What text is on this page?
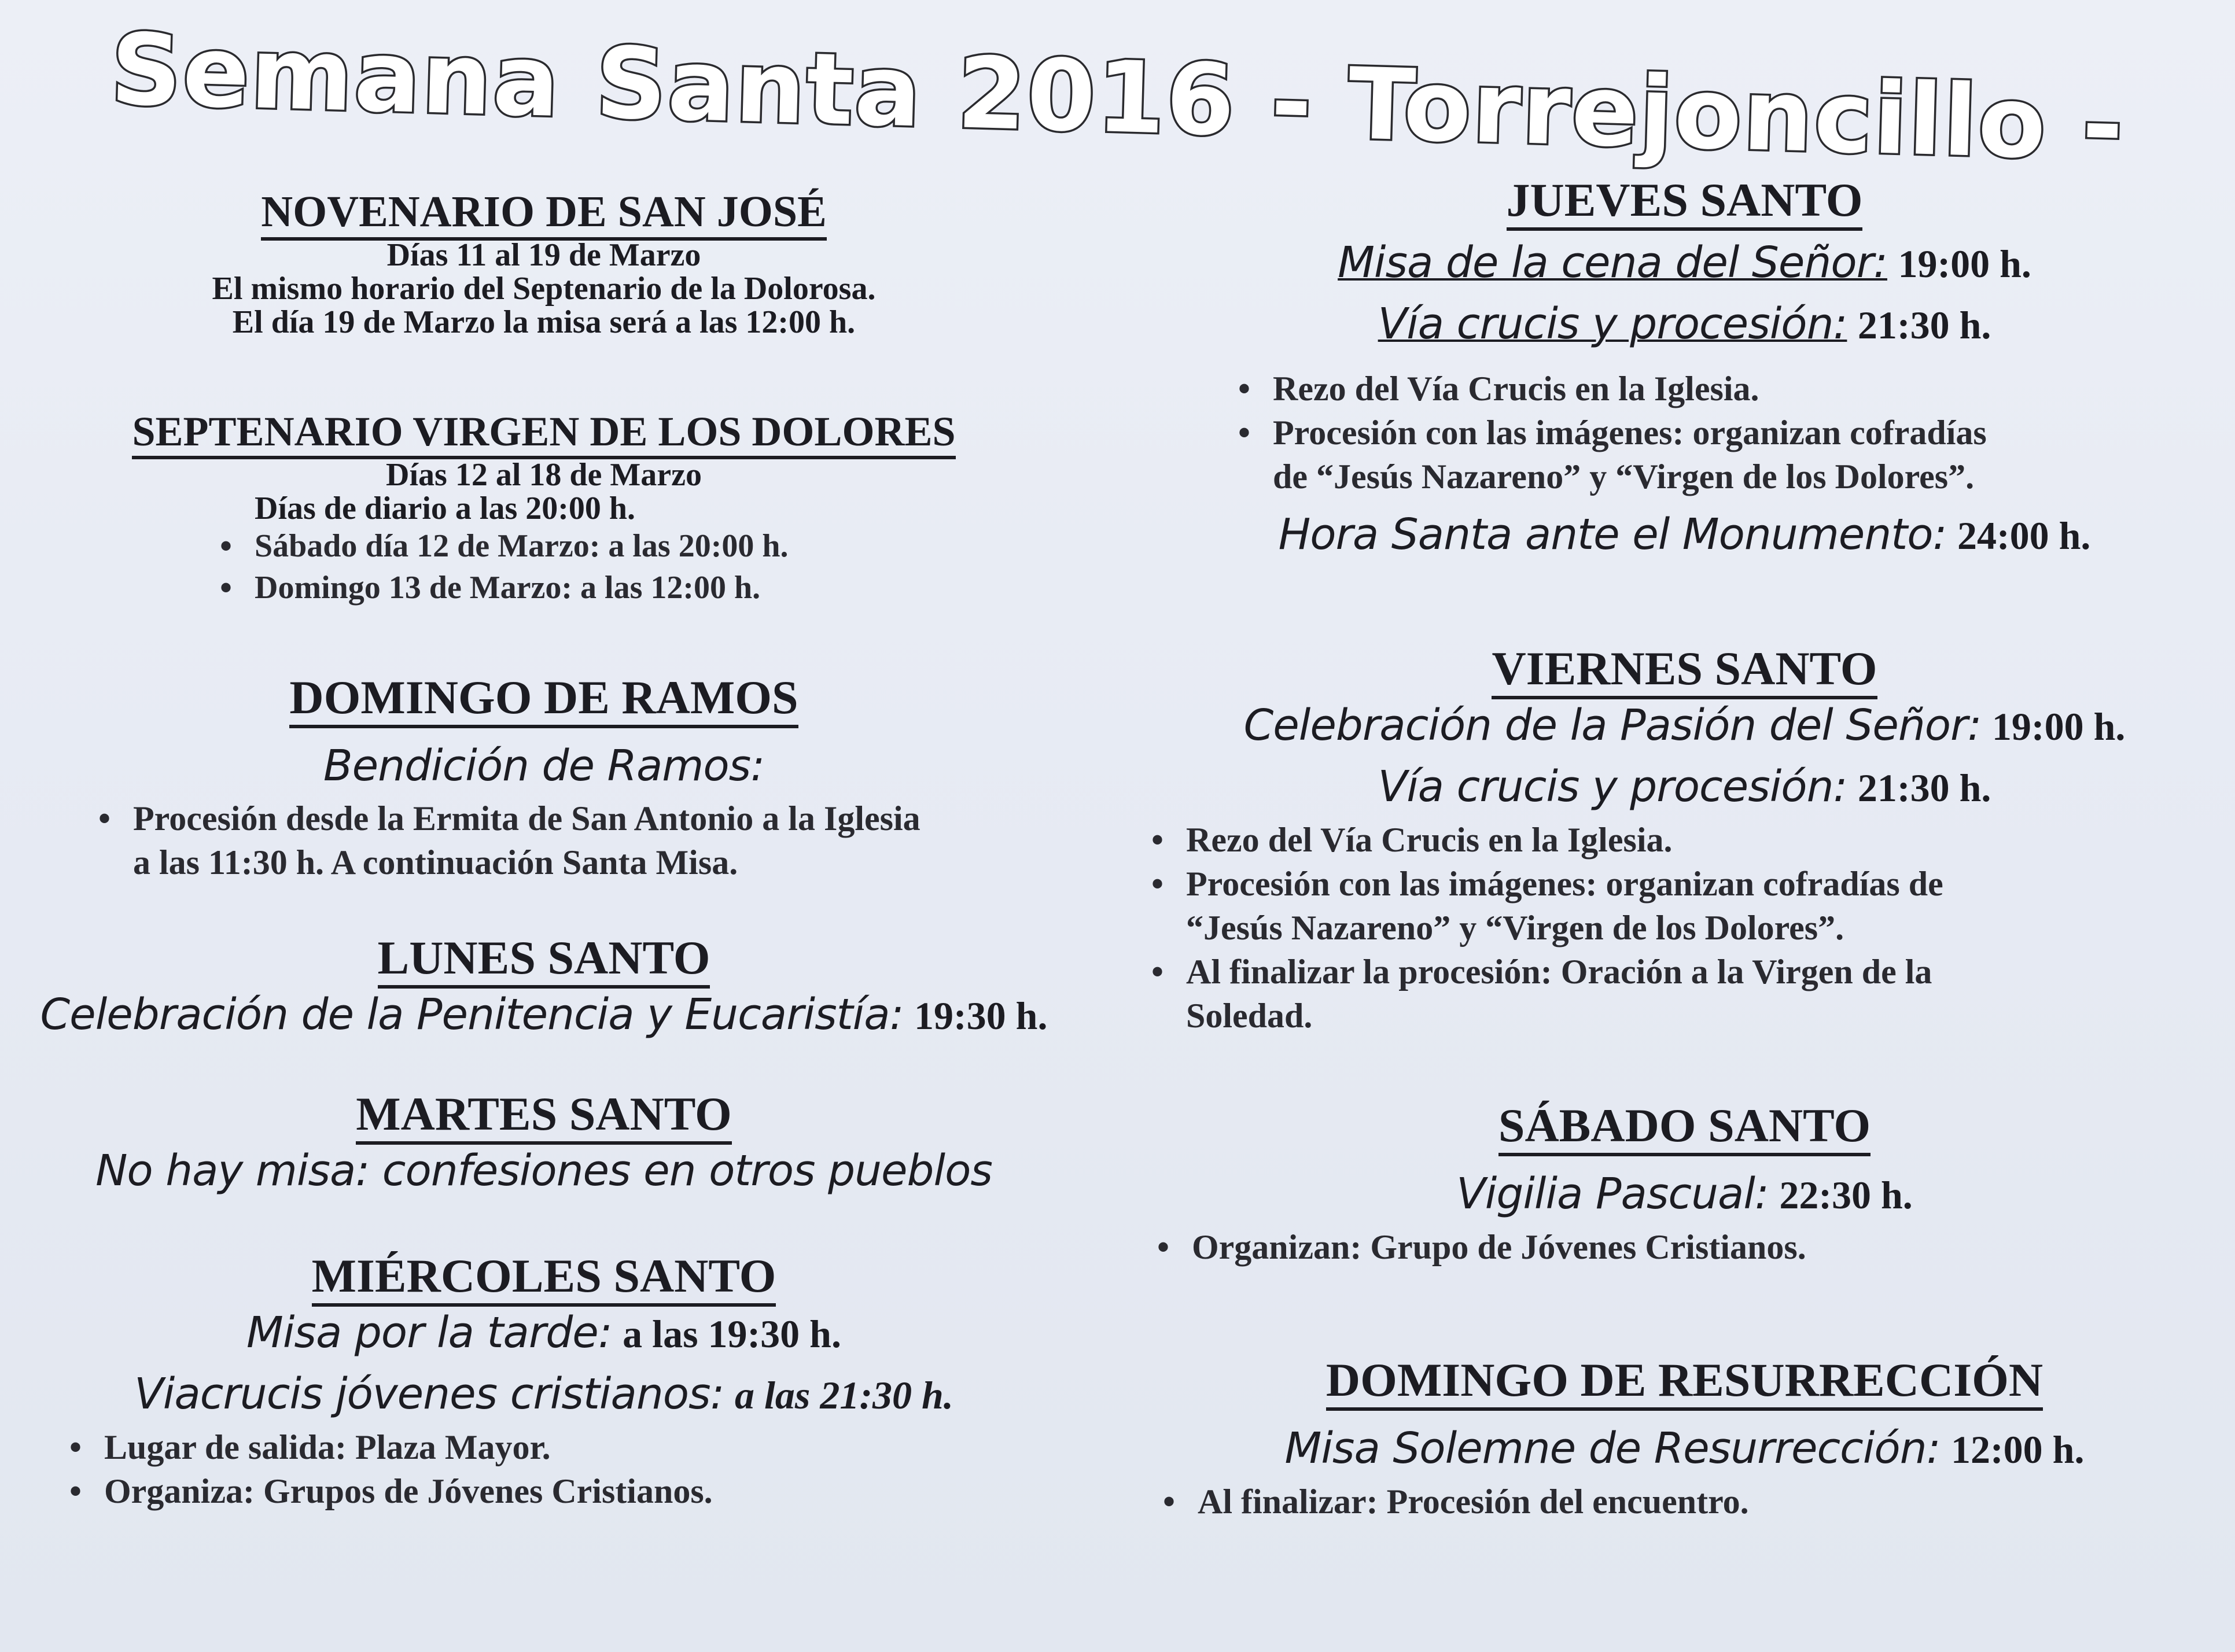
Semana Santa 2016 - Torrejoncillo -
NOVENARIO DE SAN JOSÉ
Días 11 al 19 de Marzo
El mismo horario del Septenario de la Dolorosa.
El día 19 de Marzo la misa será a las 12:00 h.
SEPTENARIO VIRGEN DE LOS DOLORES
Días 12 al 18 de Marzo
Días de diario a las 20:00 h.
• Sábado día 12 de Marzo: a las 20:00 h.
• Domingo 13 de Marzo: a las 12:00 h.
DOMINGO DE RAMOS
Bendición de Ramos:
• Procesión desde la Ermita de San Antonio a la Iglesia
a las 11:30 h. A continuación Santa Misa.
LUNES SANTO
Celebración de la Penitencia y Eucaristía: 19:30 h.
MARTES SANTO
No hay misa: confesiones en otros pueblos
MIÉRCOLES SANTO
Misa por la tarde: a las 19:30 h.
Viacrucis jóvenes cristianos: a las 21:30 h.
• Lugar de salida: Plaza Mayor.
• Organiza: Grupos de Jóvenes Cristianos.
JUEVES SANTO
Misa de la cena del Señor: 19:00 h.
Vía crucis y procesión: 21:30 h.
• Rezo del Vía Crucis en la Iglesia.
• Procesión con las imágenes: organizan cofradías
de “Jesús Nazareno” y “Virgen de los Dolores”.
Hora Santa ante el Monumento: 24:00 h.
VIERNES SANTO
Celebración de la Pasión del Señor: 19:00 h.
Vía crucis y procesión: 21:30 h.
• Rezo del Vía Crucis en la Iglesia.
• Procesión con las imágenes: organizan cofradías de
“Jesús Nazareno” y “Virgen de los Dolores”.
• Al finalizar la procesión: Oración a la Virgen de la
Soledad.
SÁBADO SANTO
Vigilia Pascual: 22:30 h.
• Organizan: Grupo de Jóvenes Cristianos.
DOMINGO DE RESURRECCIÓN
Misa Solemne de Resurrección: 12:00 h.
• Al finalizar: Procesión del encuentro.
